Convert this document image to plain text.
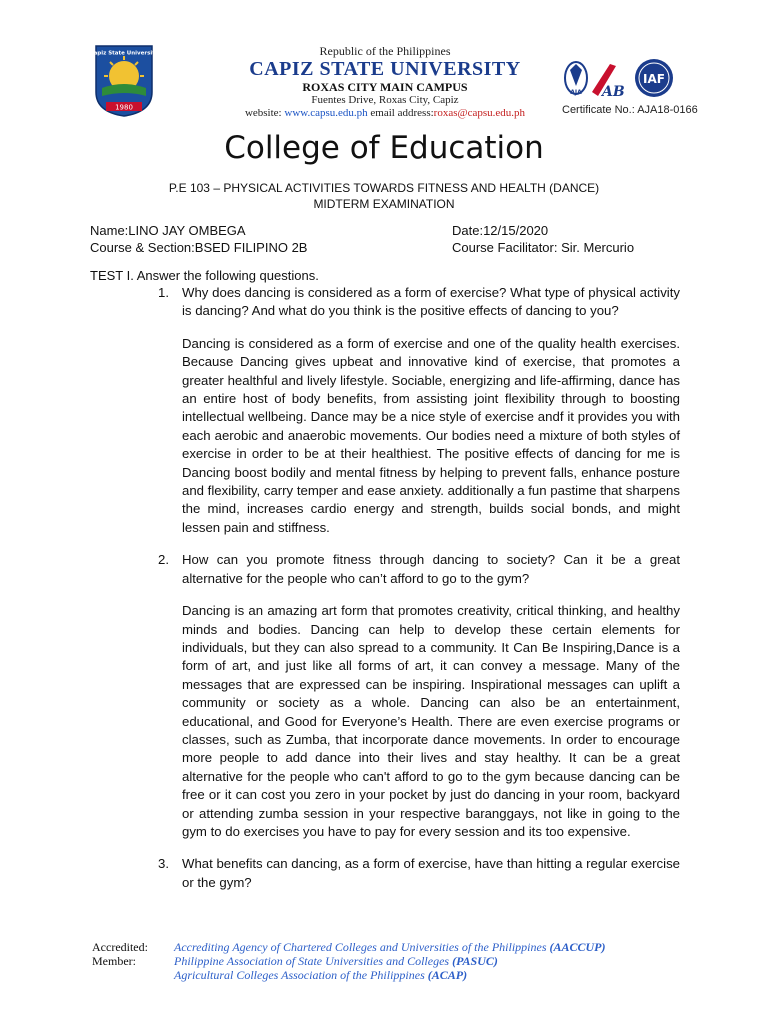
1980
Capiz State University	Republic of the Philippines
CAPIZ STATE UNIVERSITY
ROXAS CITY MAIN CAMPUS
Fuentes Drive, Roxas City, Capiz
website: www.capsu.edu.ph email address:roxas@capsu.edu.ph
AJA AB
IAF
Certificate No.: AJA18-0166
College of Education
P.E 103 – PHYSICAL ACTIVITIES TOWARDS FITNESS AND HEALTH (DANCE)
MIDTERM EXAMINATION
Name:LINO JAY OMBEGA
Course & Section:BSED FILIPINO 2B
Date:12/15/2020
Course Facilitator: Sir. Mercurio
TEST I. Answer the following questions.
1. Why does dancing is considered as a form of exercise? What type of physical activity is dancing? And what do you think is the positive effects of dancing to you?
Dancing is considered as a form of exercise and one of the quality health exercises. Because Dancing gives upbeat and innovative kind of exercise, that promotes a greater healthful and lively lifestyle. Sociable, energizing and life-affirming, dance has an entire host of body benefits, from assisting joint flexibility through to boosting intellectual wellbeing. Dance may be a nice style of exercise andf it provides you with each aerobic and anaerobic movements. Our bodies need a mixture of both styles of exercise in order to be at their healthiest. The positive effects of dancing for me is Dancing boost bodily and mental fitness by helping to prevent falls, enhance posture and flexibility, carry temper and ease anxiety. additionally a fun pastime that sharpens the mind, increases cardio energy and strength, builds social bonds, and might lessen pain and stiffness.
2. How can you promote fitness through dancing to society? Can it be a great alternative for the people who can’t afford to go to the gym?
Dancing is an amazing art form that promotes creativity, critical thinking, and healthy minds and bodies. Dancing can help to develop these certain elements for individuals, but they can also spread to a community. It Can Be Inspiring,Dance is a form of art, and just like all forms of art, it can convey a message. Many of the messages that are expressed can be inspiring. Inspirational messages can uplift a community or society as a whole. Dancing can also be an entertainment, educational, and Good for Everyone’s Health. There are even exercise programs or classes, such as Zumba, that incorporate dance movements. In order to encourage more people to add dance into their lives and stay healthy. It can be a great alternative for the people who can't afford to go to the gym because dancing can be free or it can cost you zero in your pocket by just do dancing in your room, backyard or attending zumba session in your respective baranggays, not like in going to the gym to do exercises you have to pay for every session and its too expensive.
3. What benefits can dancing, as a form of exercise, have than hitting a regular exercise or the gym?
Accredited:	Accrediting Agency of Chartered Colleges and Universities of the Philippines (AACCUP)
Member:	Philippine Association of State Universities and Colleges (PASUC)
Agricultural Colleges Association of the Philippines (ACAP)
